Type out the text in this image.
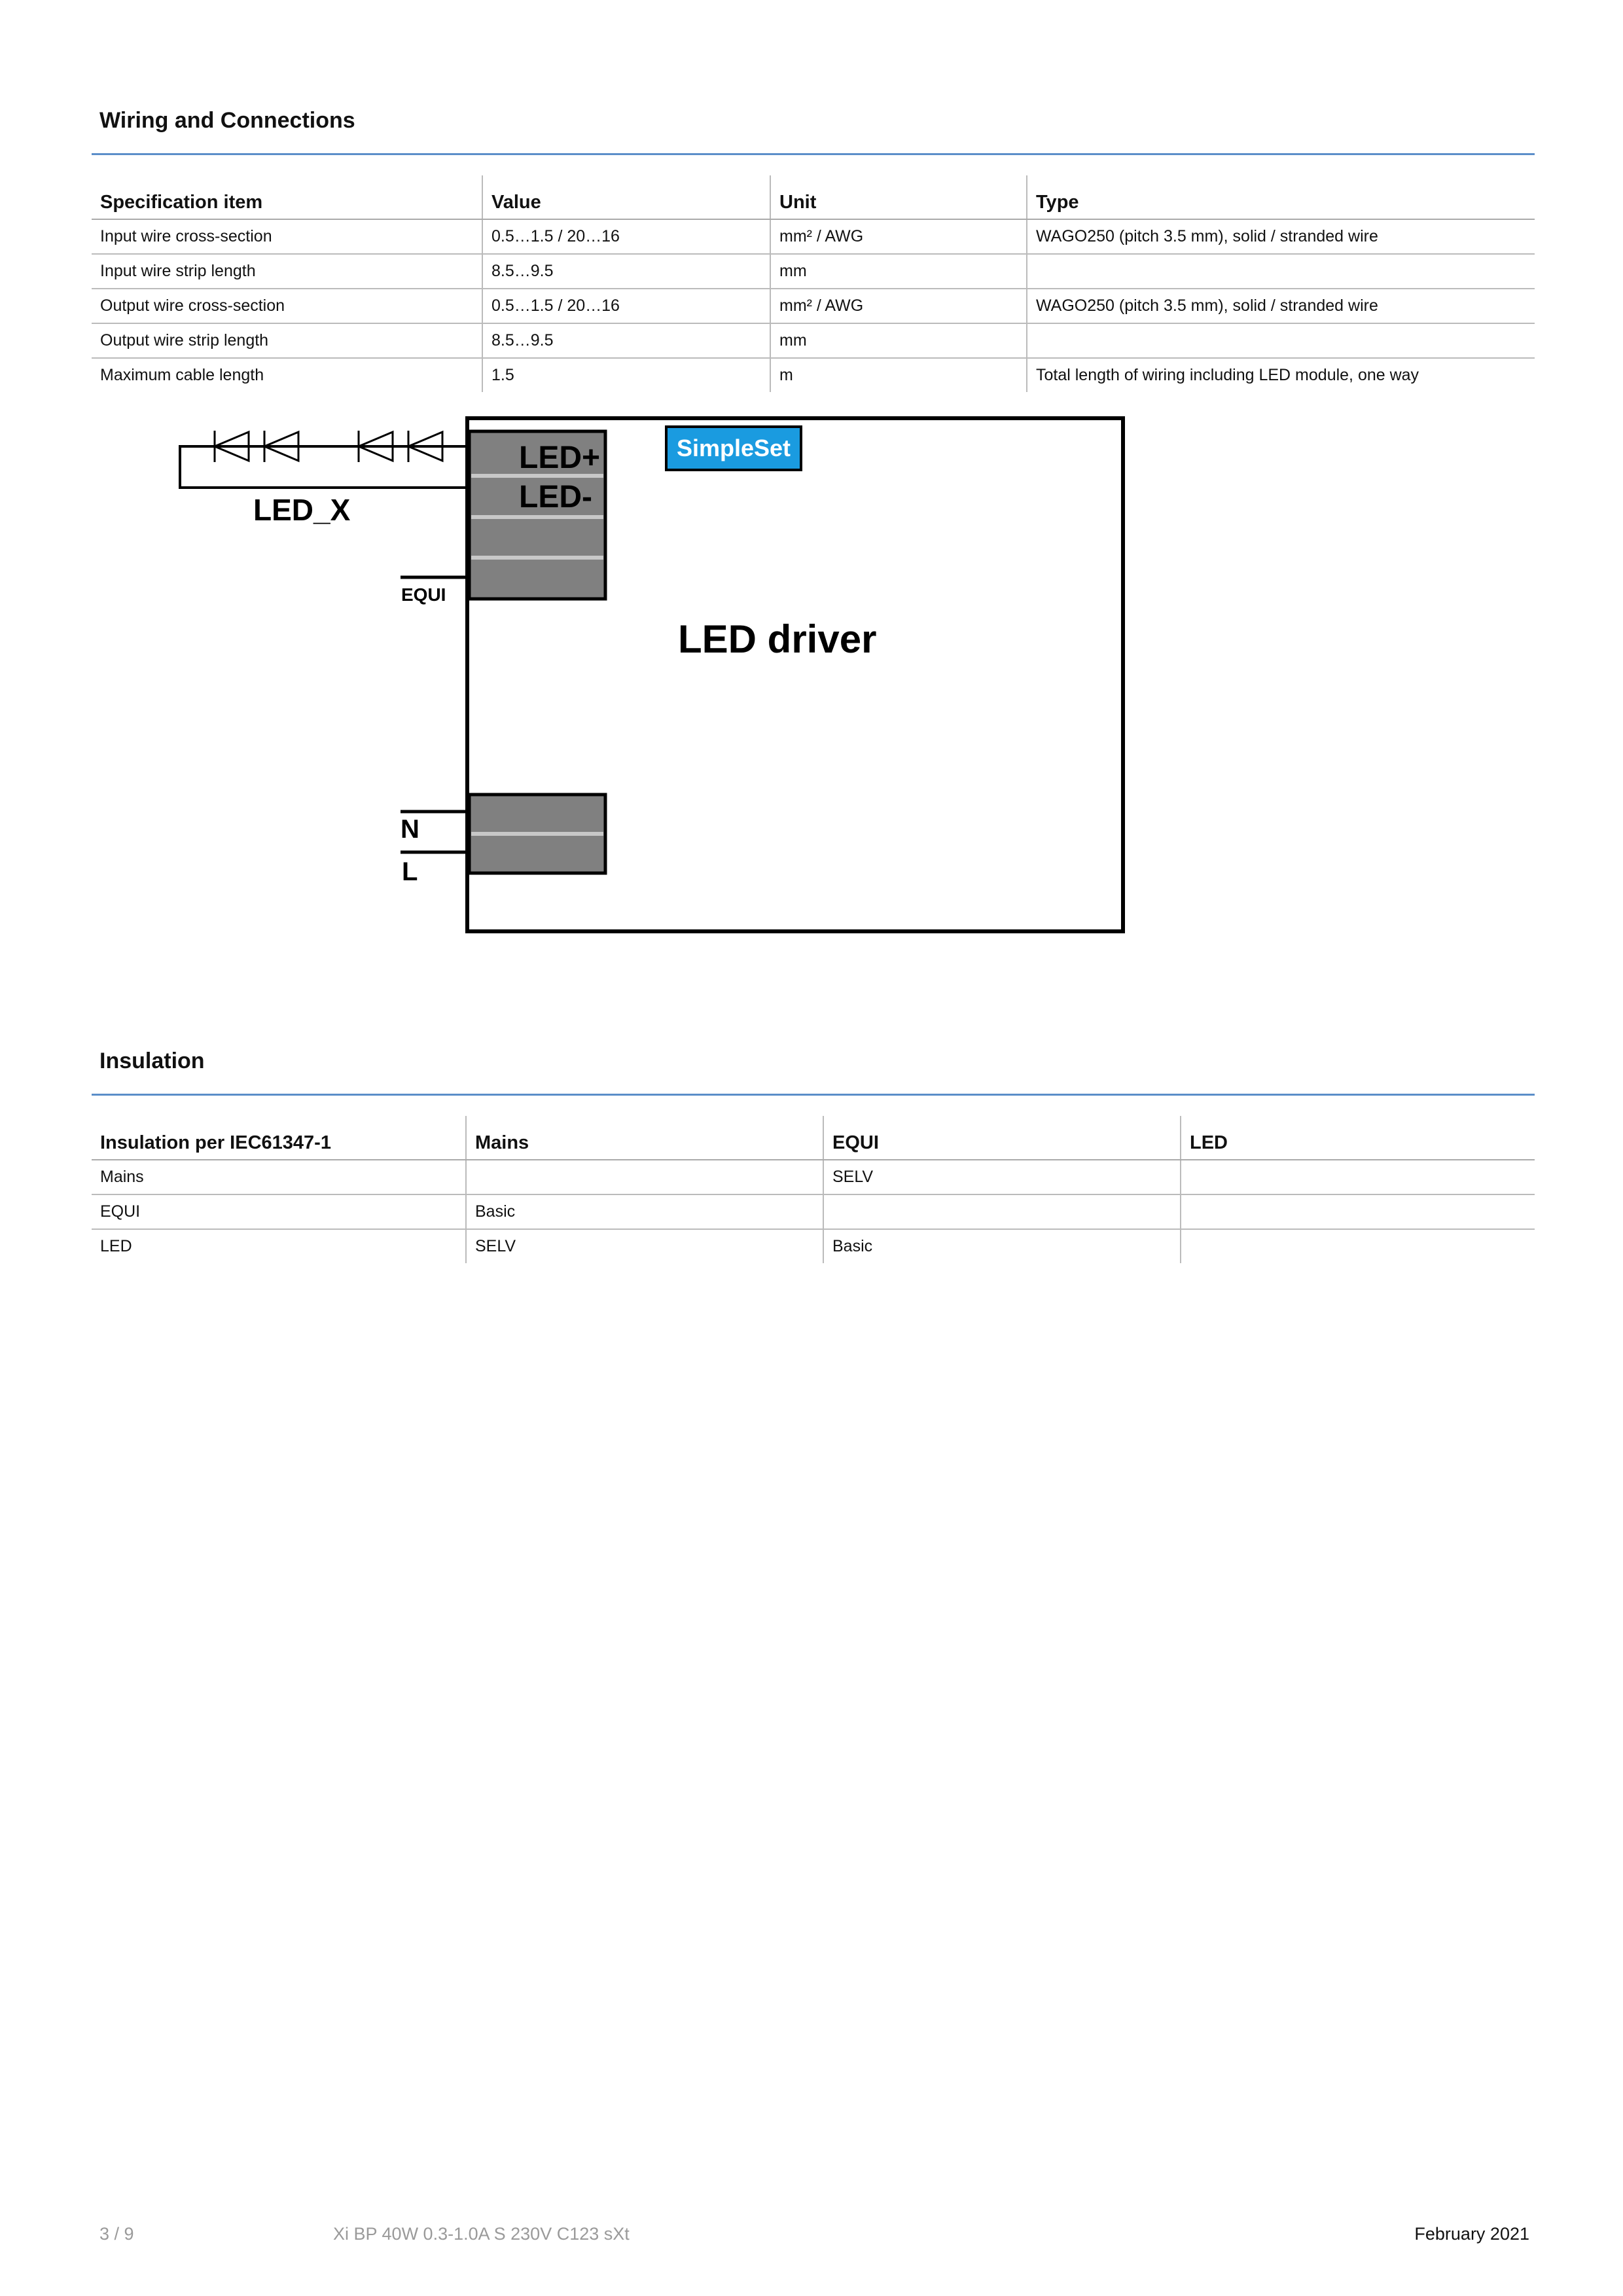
Wiring and Connections
Specification item	Value	Unit	Type
Input wire cross-section	0.5…1.5 / 20…16	mm² / AWG	WAGO250 (pitch 3.5 mm), solid / stranded wire
Input wire strip length	8.5…9.5	mm	
Output wire cross-section	0.5…1.5 / 20…16	mm² / AWG	WAGO250 (pitch 3.5 mm), solid / stranded wire
Output wire strip length	8.5…9.5	mm	
Maximum cable length	1.5	m	Total length of wiring including LED module, one way
SimpleSet
LED+
LED-
LED_X
EQUI
LED driver
N
L
Insulation
Insulation per IEC61347-1	Mains	EQUI	LED
Mains		SELV	
EQUI	Basic		
LED	SELV	Basic	
3 / 9	Xi BP 40W 0.3-1.0A S 230V C123 sXt	February 2021
